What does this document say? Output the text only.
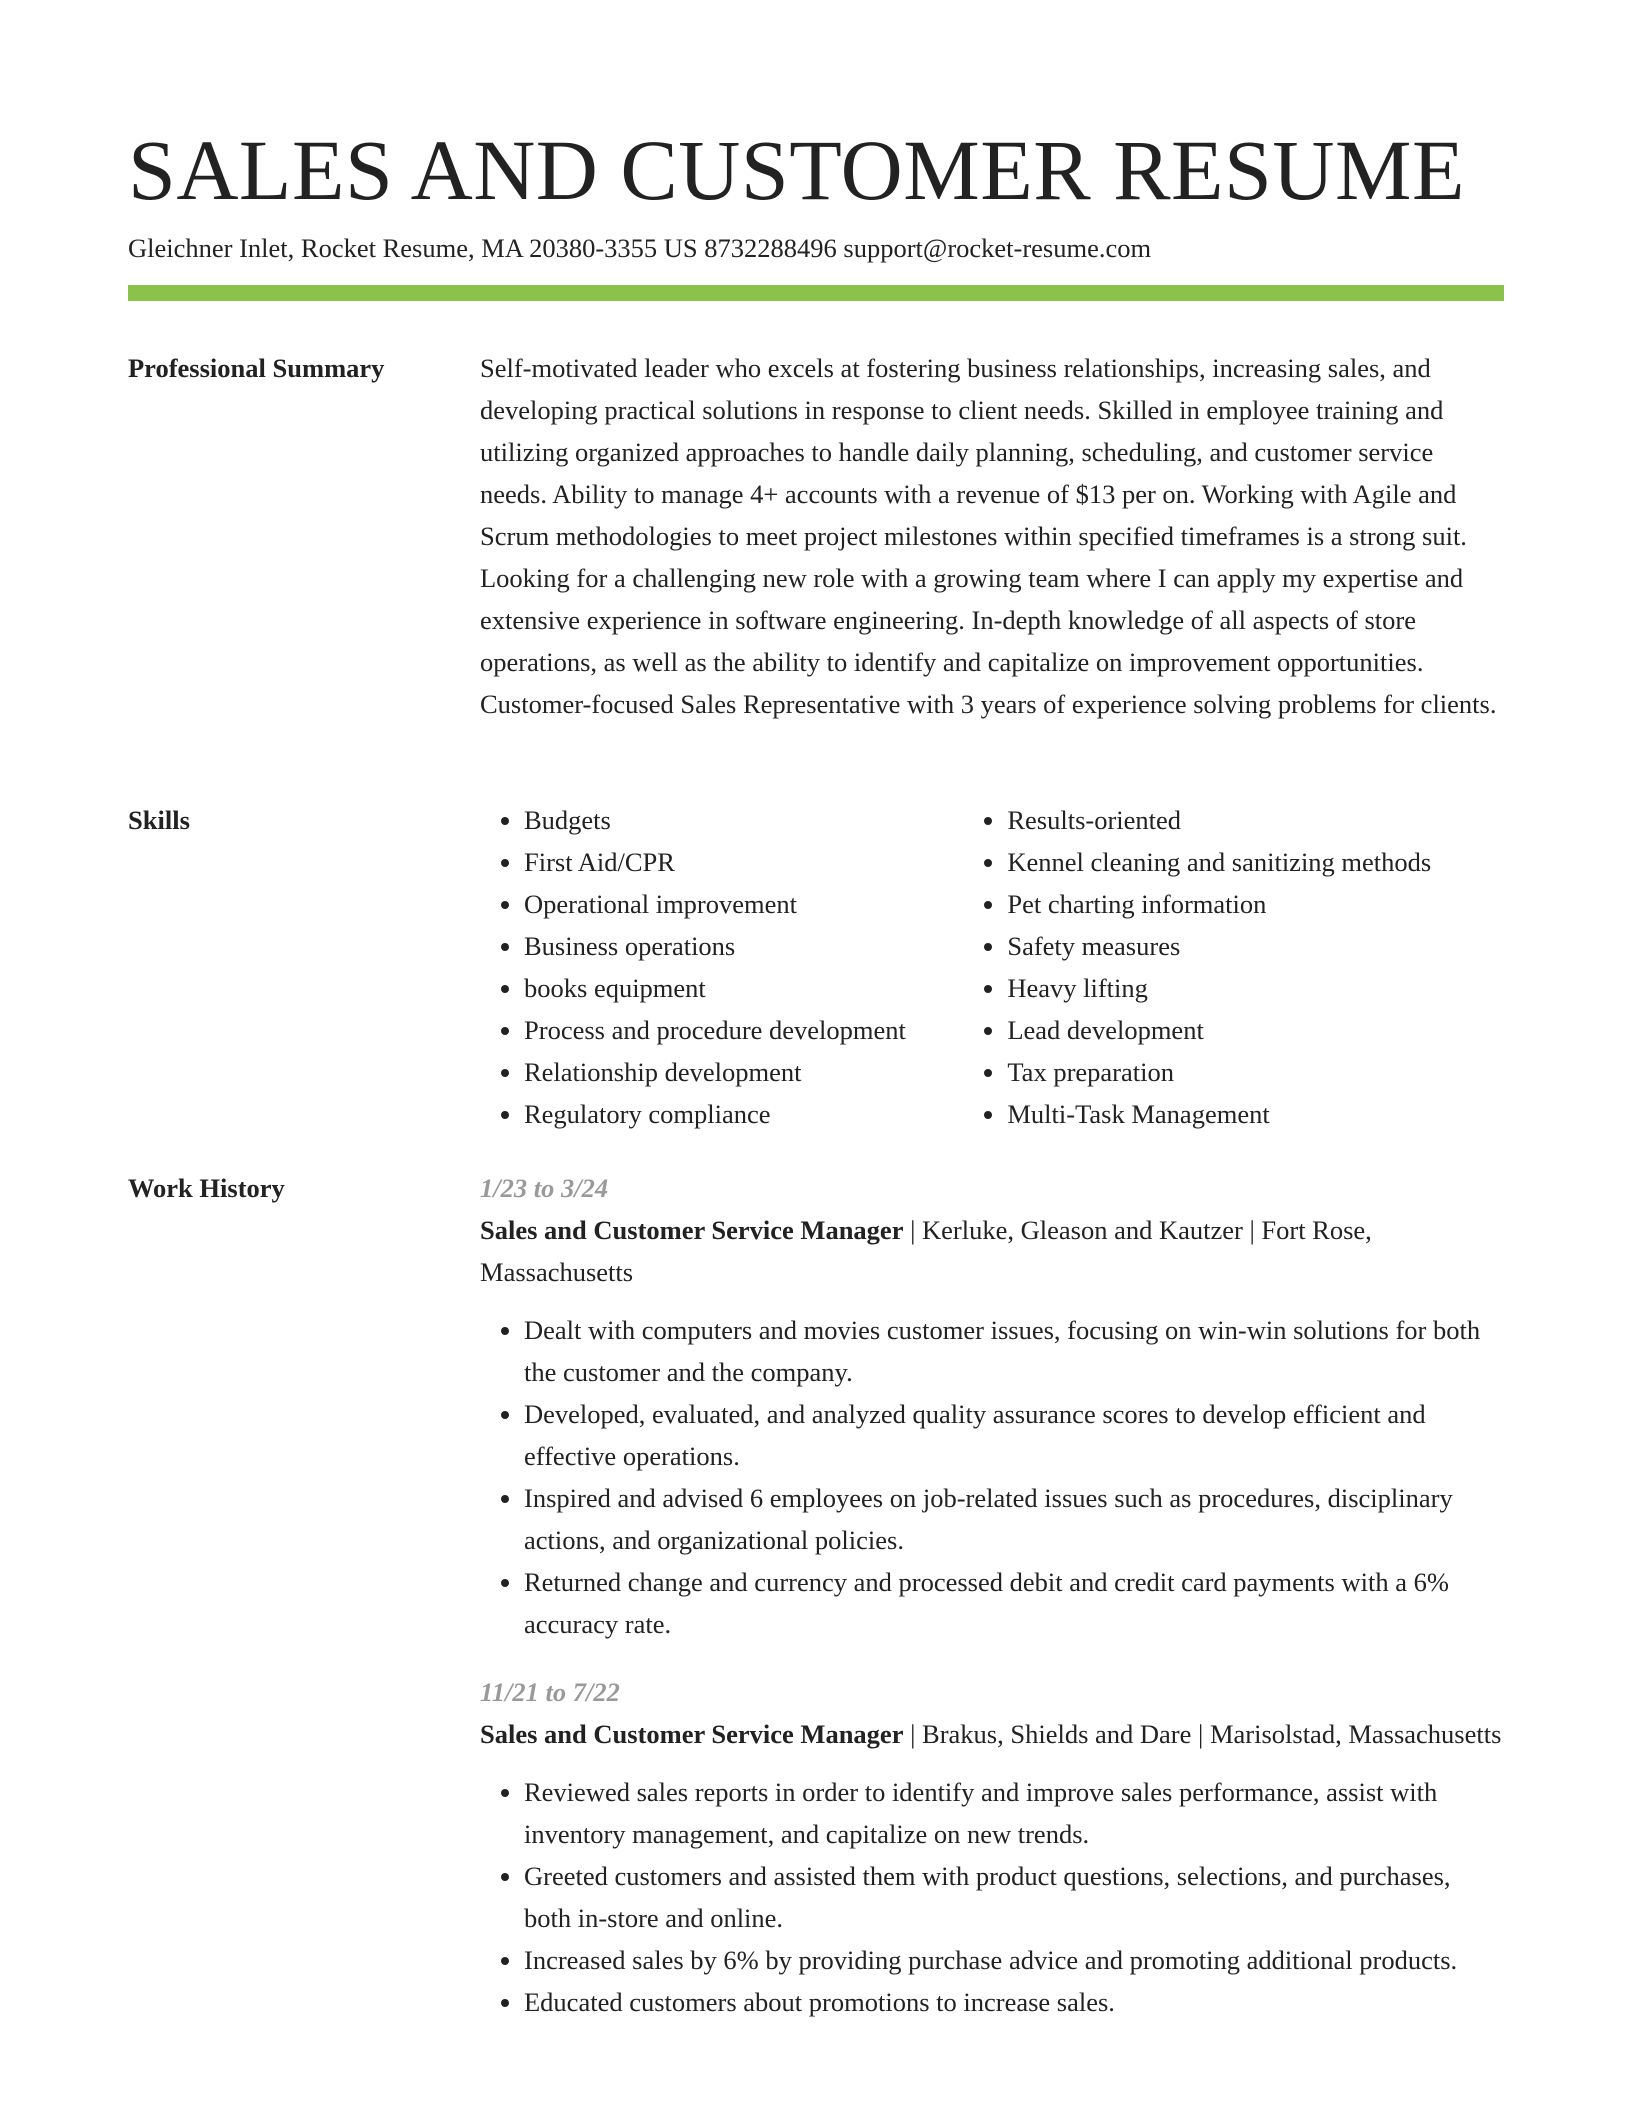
SALES AND CUSTOMER RESUME
Gleichner Inlet, Rocket Resume, MA 20380-3355 US 8732288496 support@rocket-resume.com
Professional Summary	Self-motivated leader who excels at fostering business relationships, increasing sales, and developing practical solutions in response to client needs. Skilled in employee training and utilizing organized approaches to handle daily planning, scheduling, and customer service needs. Ability to manage 4+ accounts with a revenue of $13 per on. Working with Agile and Scrum methodologies to meet project milestones within specified timeframes is a strong suit. Looking for a challenging new role with a growing team where I can apply my expertise and extensive experience in software engineering. In-depth knowledge of all aspects of store operations, as well as the ability to identify and capitalize on improvement opportunities. Customer-focused Sales Representative with 3 years of experience solving problems for clients.

Skills
•	Budgets
• First Aid/CPR
• Operational improvement
• Business operations
• books equipment
• Process and procedure development
• Relationship development
• Regulatory compliance
• Results-oriented
• Kennel cleaning and sanitizing methods
• Pet charting information
• Safety measures
• Heavy lifting
• Lead development
• Tax preparation
• Multi-Task Management
Work History	1/23 to 3/24

Sales and Customer Service Manager | Kerluke, Gleason and Kautzer | Fort Rose, Massachusetts

• Dealt with computers and movies customer issues, focusing on win-win solutions for both the customer and the company.
• Developed, evaluated, and analyzed quality assurance scores to develop efficient and effective operations.
• Inspired and advised 6 employees on job-related issues such as procedures, disciplinary actions, and organizational policies.
• Returned change and currency and processed debit and credit card payments with a 6% accuracy rate.
11/21 to 7/22

Sales and Customer Service Manager | Brakus, Shields and Dare | Marisolstad, Massachusetts

• Reviewed sales reports in order to identify and improve sales performance, assist with inventory management, and capitalize on new trends.
• Greeted customers and assisted them with product questions, selections, and purchases, both in-store and online.
• Increased sales by 6% by providing purchase advice and promoting additional products.
• Educated customers about promotions to increase sales.
